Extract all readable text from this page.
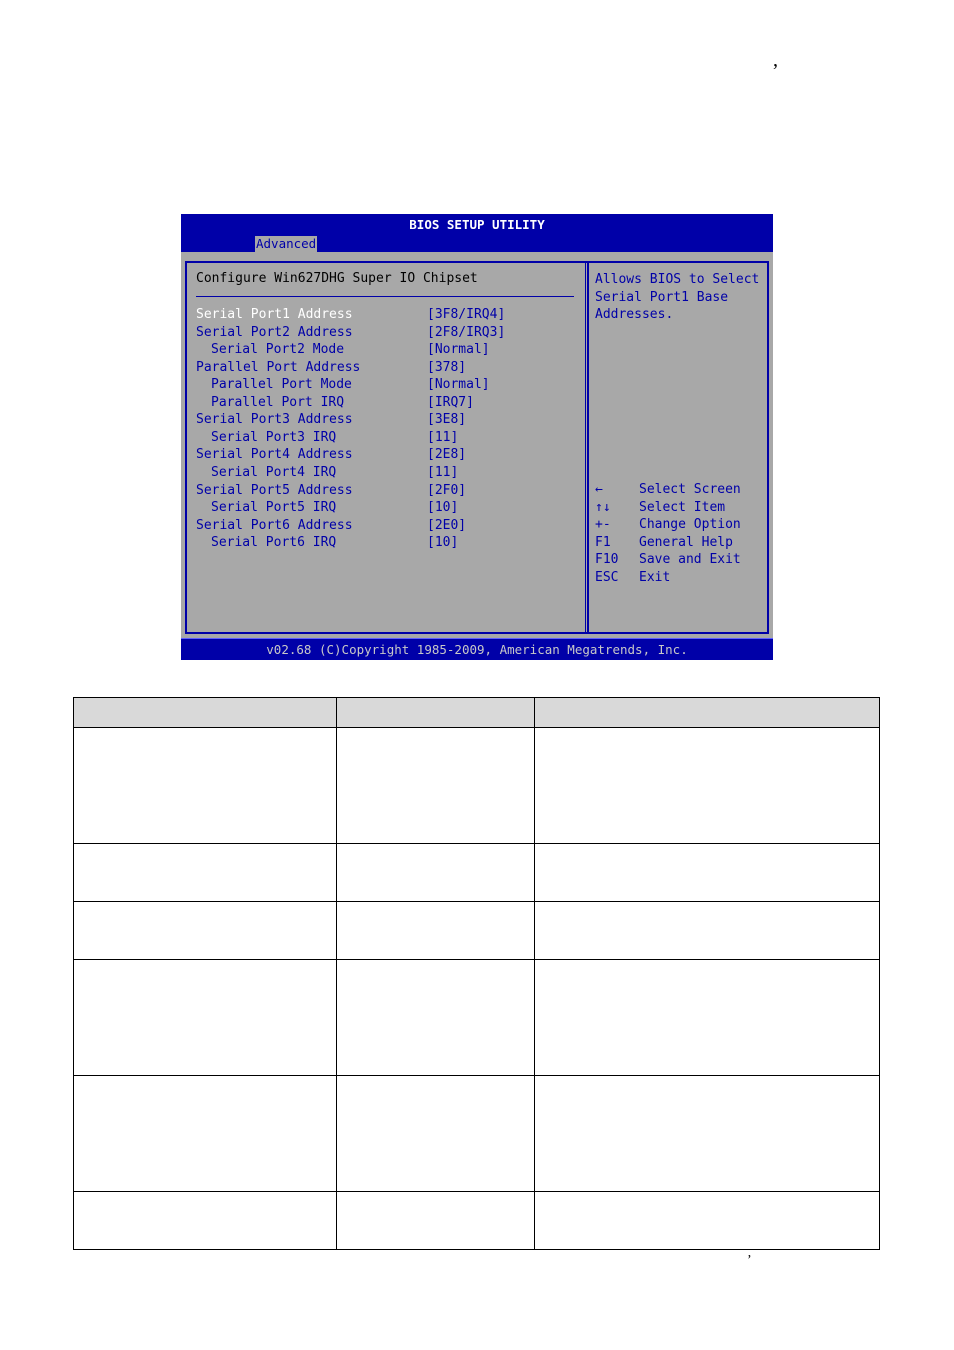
’
BIOS SETUP UTILITY
Advanced
Configure Win627DHG Super IO Chipset
Serial Port1 Address	[3F8/IRQ4]
Serial Port2 Address	[2F8/IRQ3]
Serial Port2 Mode	[Normal]
Parallel Port Address	[378]
Parallel Port Mode	[Normal]
Parallel Port IRQ	[IRQ7]
Serial Port3 Address	[3E8]
Serial Port3 IRQ	[11]
Serial Port4 Address	[2E8]
Serial Port4 IRQ	[11]
Serial Port5 Address	[2F0]
Serial Port5 IRQ	[10]
Serial Port6 Address	[2E0]
Serial Port6 IRQ	[10]
Allows BIOS to Select Serial Port1 Base Addresses.
←	Select Screen
↑↓ Select Item
+- Change Option
F1 General Help
F10 Save and Exit
ESC Exit
v02.68 (C)Copyright 1985-2009, American Megatrends, Inc.

’
